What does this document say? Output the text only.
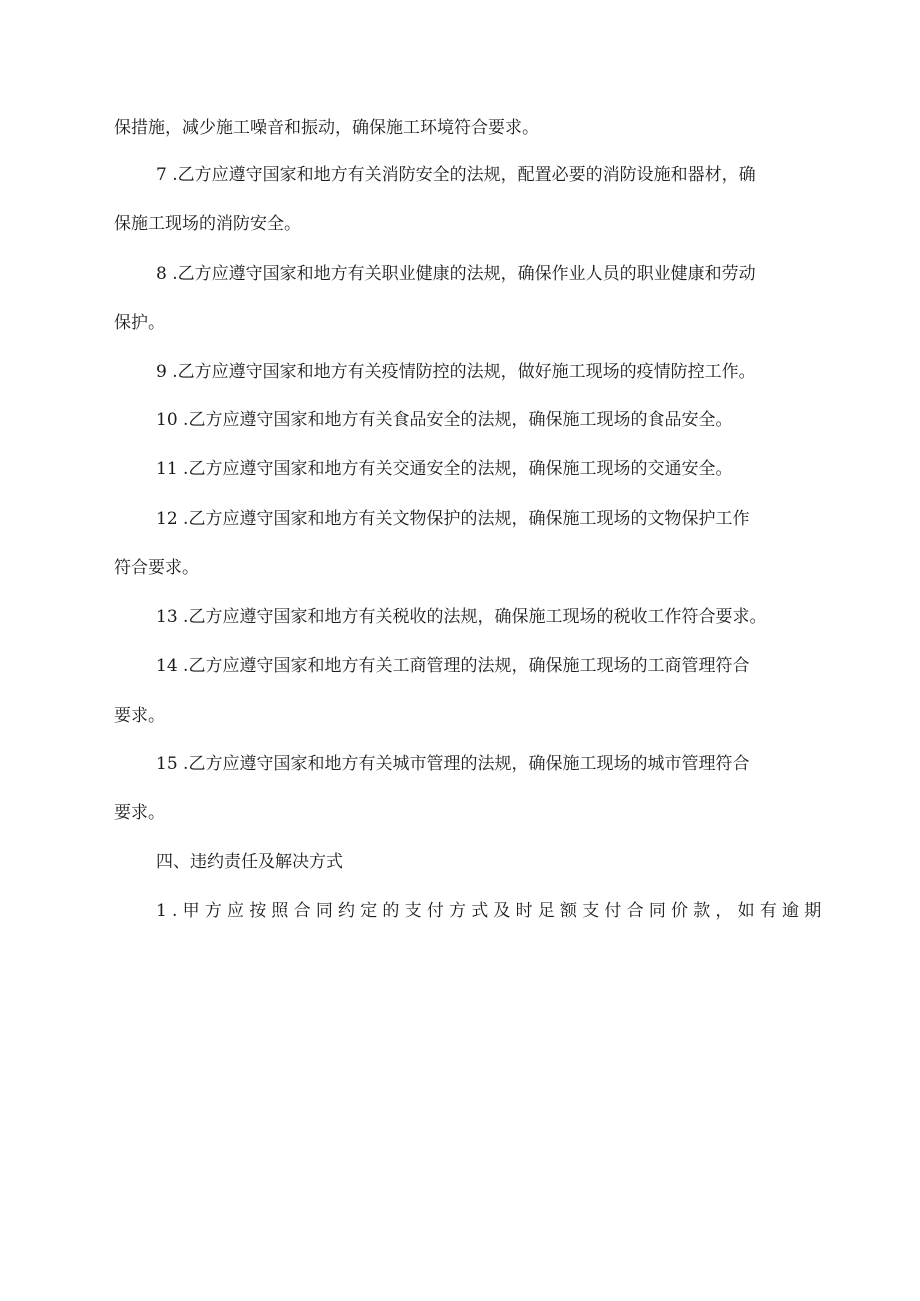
保措施，减少施工噪音和振动，确保施工环境符合要求。
7 .乙方应遵守国家和地方有关消防安全的法规，配置必要的消防设施和器材，确
保施工现场的消防安全。
8 .乙方应遵守国家和地方有关职业健康的法规，确保作业人员的职业健康和劳动
保护。
9 .乙方应遵守国家和地方有关疫情防控的法规，做好施工现场的疫情防控工作。
10 .乙方应遵守国家和地方有关食品安全的法规，确保施工现场的食品安全。
11 .乙方应遵守国家和地方有关交通安全的法规，确保施工现场的交通安全。
12 .乙方应遵守国家和地方有关文物保护的法规，确保施工现场的文物保护工作
符合要求。
13 .乙方应遵守国家和地方有关税收的法规，确保施工现场的税收工作符合要求。
14 .乙方应遵守国家和地方有关工商管理的法规，确保施工现场的工商管理符合
要求。
15 .乙方应遵守国家和地方有关城市管理的法规，确保施工现场的城市管理符合
要求。
四、违约责任及解决方式
1.甲方应按照合同约定的支付方式及时足额支付合同价款，如有逾期
